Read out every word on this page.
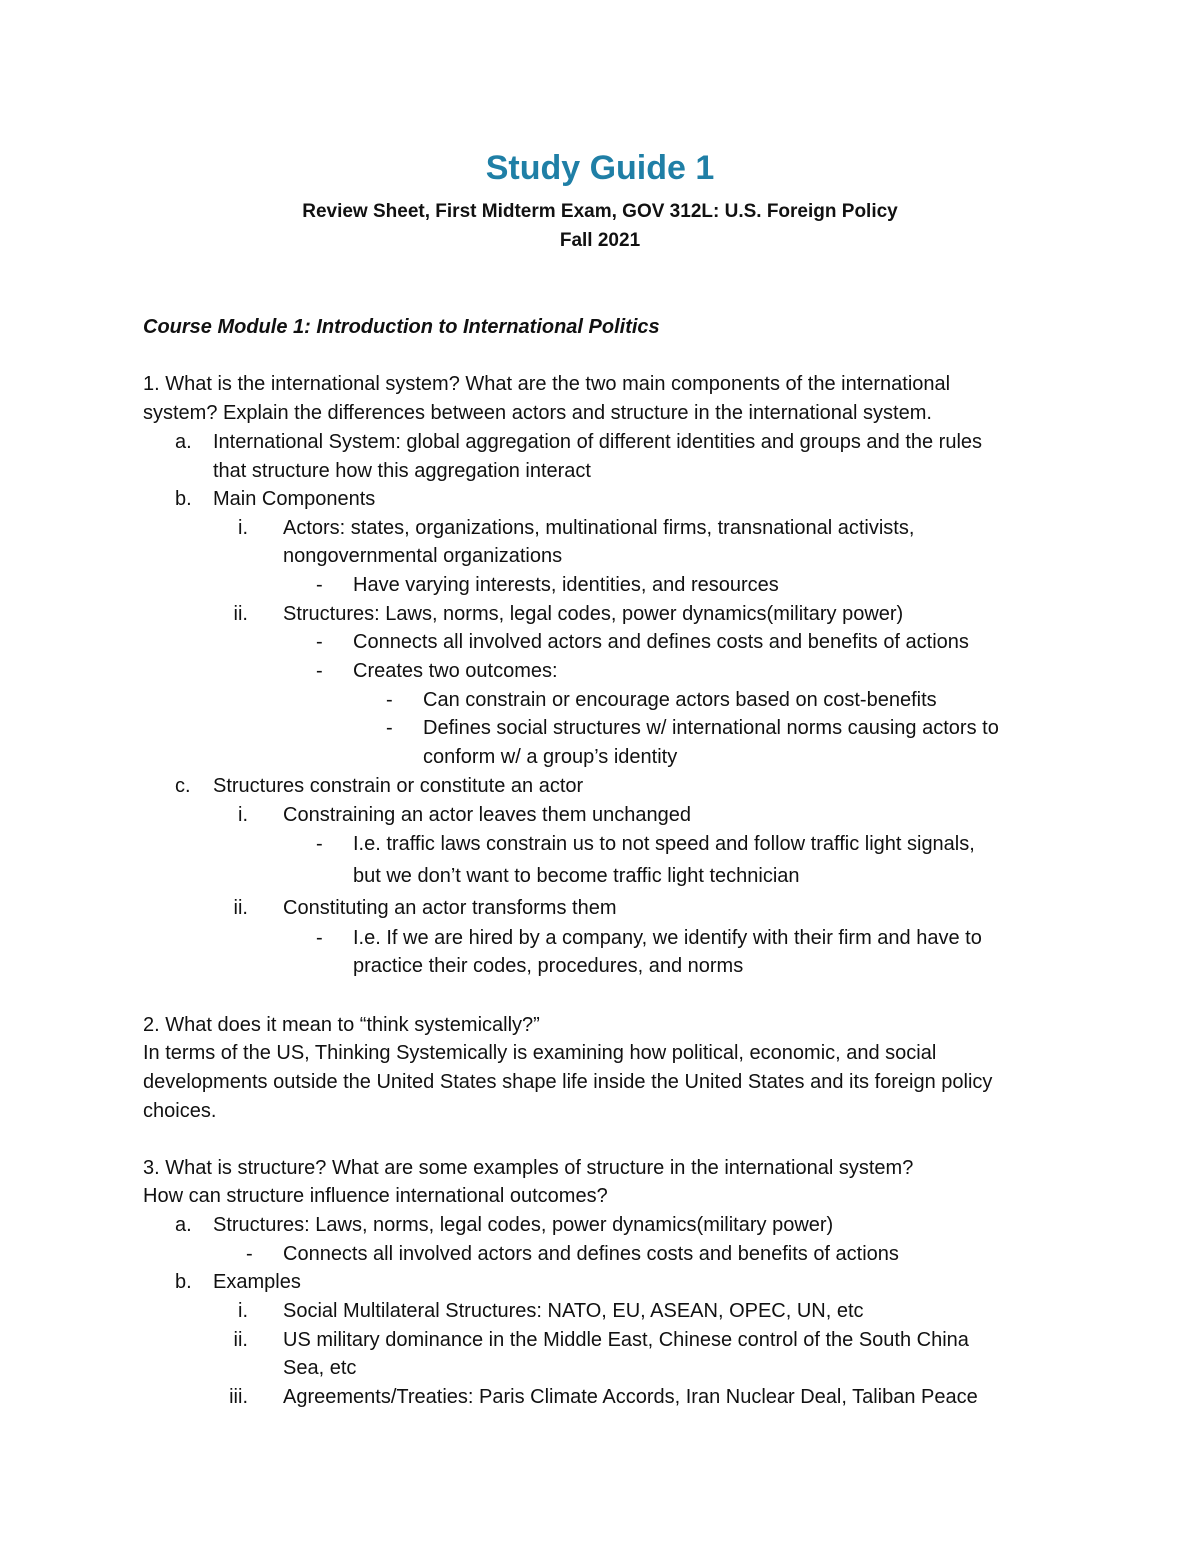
Study Guide 1
Review Sheet, First Midterm Exam, GOV 312L: U.S. Foreign Policy
Fall 2021
Course Module 1: Introduction to International Politics
1. What is the international system? What are the two main components of the international
system? Explain the differences between actors and structure in the international system.
a. International System: global aggregation of different identities and groups and the rules
that structure how this aggregation interact
b. Main Components
i. Actors: states, organizations, multinational firms, transnational activists,
nongovernmental organizations
- Have varying interests, identities, and resources
ii. Structures: Laws, norms, legal codes, power dynamics(military power)
- Connects all involved actors and defines costs and benefits of actions
- Creates two outcomes:
- Can constrain or encourage actors based on cost-benefits
- Defines social structures w/ international norms causing actors to
conform w/ a group’s identity
c. Structures constrain or constitute an actor
i. Constraining an actor leaves them unchanged
- I.e. traffic laws constrain us to not speed and follow traffic light signals,
but we don’t want to become traffic light technician
ii. Constituting an actor transforms them
- I.e. If we are hired by a company, we identify with their firm and have to
practice their codes, procedures, and norms
2. What does it mean to “think systemically?”
In terms of the US, Thinking Systemically is examining how political, economic, and social
developments outside the United States shape life inside the United States and its foreign policy
choices.
3. What is structure? What are some examples of structure in the international system?
How can structure influence international outcomes?
a. Structures: Laws, norms, legal codes, power dynamics(military power)
- Connects all involved actors and defines costs and benefits of actions
b. Examples
i. Social Multilateral Structures: NATO, EU, ASEAN, OPEC, UN, etc
ii. US military dominance in the Middle East, Chinese control of the South China
Sea, etc
iii. Agreements/Treaties: Paris Climate Accords, Iran Nuclear Deal, Taliban Peace
